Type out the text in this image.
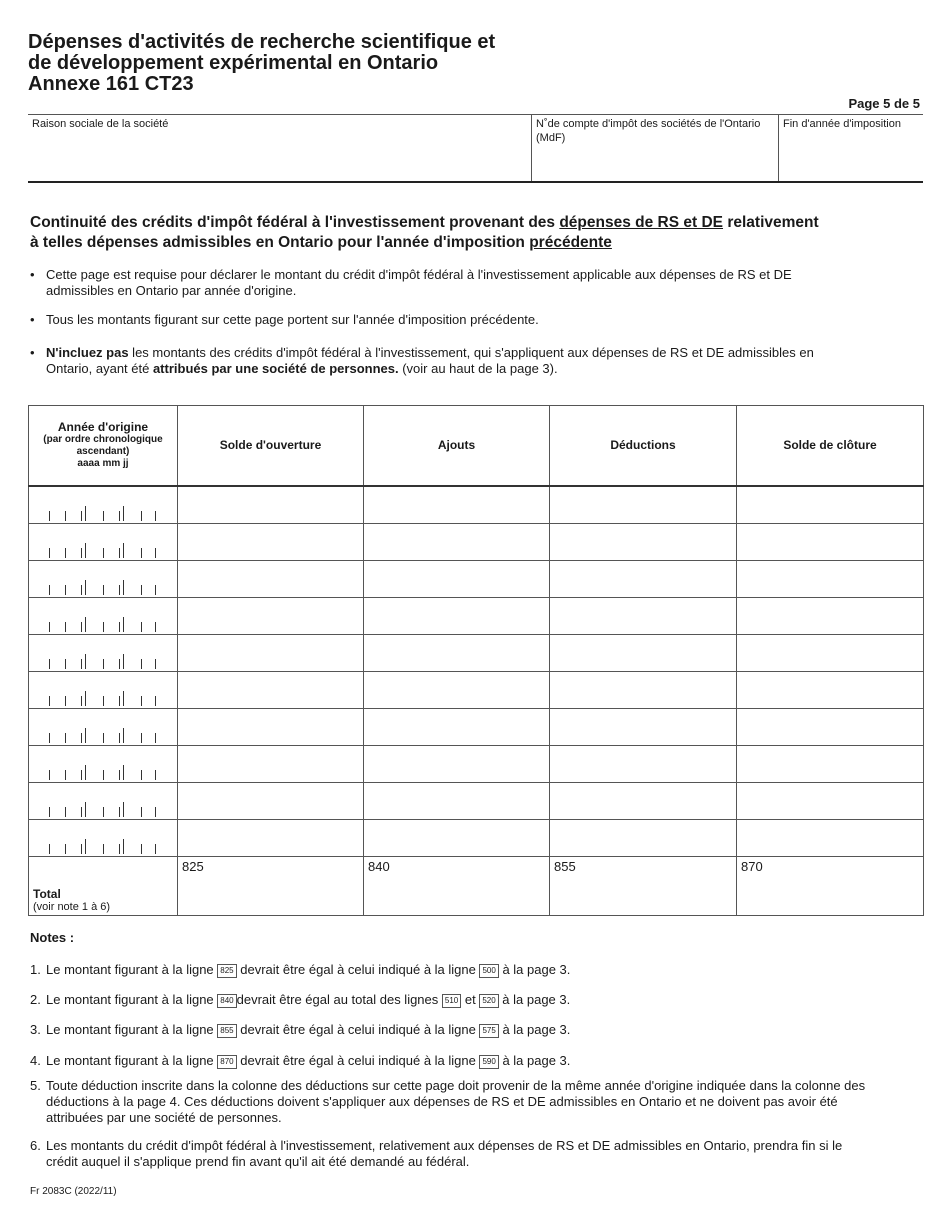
Dépenses d'activités de recherche scientifique et
de développement expérimental en Ontario
Annexe 161 CT23
Page 5 de 5
Raison sociale de la société	N˚de compte d'impôt des sociétés de l'Ontario (MdF)
Fin d'année d'imposition
Continuité des crédits d'impôt fédéral à l'investissement provenant des dépenses de RS et DE relativement à telles dépenses admissibles en Ontario pour l'année d'imposition précédente
• Cette page est requise pour déclarer le montant du crédit d'impôt fédéral à l'investissement applicable aux dépenses de RS et DE admissibles en Ontario par année d'origine.
• Tous les montants figurant sur cette page portent sur l'année d'imposition précédente.
• N'incluez pas les montants des crédits d'impôt fédéral à l'investissement, qui s'appliquent aux dépenses de RS et DE admissibles en Ontario, ayant été attribués par une société de personnes. (voir au haut de la page 3).
Année d'origine
(par ordre chronologique
ascendant)
aaaa mm jj	Solde d'ouverture	Ajouts	Déductions	Solde de clôture

Total
(voir note 1 à 6)	825	840	855	870
Notes :
1. Le montant figurant à la ligne 825 devrait être égal à celui indiqué à la ligne 500 à la page 3.
2. Le montant figurant à la ligne 840 devrait être égal au total des lignes 510 et 520 à la page 3.
3. Le montant figurant à la ligne 855 devrait être égal à celui indiqué à la ligne 575 à la page 3.
4. Le montant figurant à la ligne 870 devrait être égal à celui indiqué à la ligne 590 à la page 3.
5. Toute déduction inscrite dans la colonne des déductions sur cette page doit provenir de la même année d'origine indiquée dans la colonne des déductions à la page 4. Ces déductions doivent s'appliquer aux dépenses de RS et DE admissibles en Ontario et ne doivent pas avoir été attribuées par une société de personnes.
6. Les montants du crédit d'impôt fédéral à l'investissement, relativement aux dépenses de RS et DE admissibles en Ontario, prendra fin si le crédit auquel il s'applique prend fin avant qu'il ait été demandé au fédéral.
Fr 2083C (2022/11)
